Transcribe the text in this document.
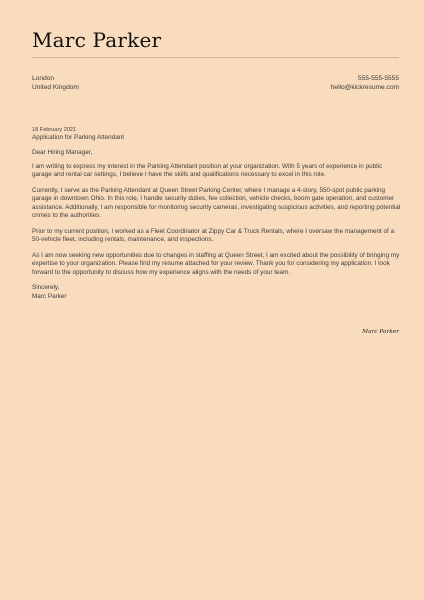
Marc Parker
London
United Kingdom
555-555-5555
hello@kickresume.com

18 February 2021

Application for Parking Attendant

Dear Hiring Manager,

I am writing to express my interest in the Parking Attendant position at your organization. With 5 years of experience in public garage and rental car settings, I believe I have the skills and qualifications necessary to excel in this role.

Currently, I serve as the Parking Attendant at Queen Street Parking Center, where I manage a 4-story, 550-spot public parking garage in downtown Ohio. In this role, I handle security duties, fee collection, vehicle checks, boom gate operation, and customer assistance. Additionally, I am responsible for monitoring security cameras, investigating suspicious activities, and reporting potential crimes to the authorities.

Prior to my current position, I worked as a Fleet Coordinator at Zippy Car & Truck Rentals, where I oversaw the management of a 50-vehicle fleet, including rentals, maintenance, and inspections.

As I am now seeking new opportunities due to changes in staffing at Queen Street, I am excited about the possibility of bringing my expertise to your organization. Please find my resume attached for your review. Thank you for considering my application. I look forward to the opportunity to discuss how my experience aligns with the needs of your team.

Sincerely,

Marc Parker

Marc Parker
